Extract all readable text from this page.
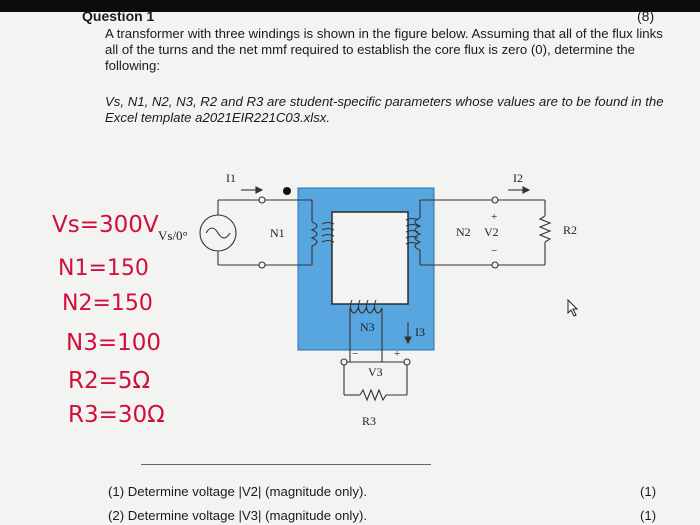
Question 1	(8)
A transformer with three windings is shown in the figure below. Assuming that all of the flux links all of the turns and the net mmf required to establish the core flux is zero (0), determine the following:
Vs, N1, N2, N3, R2 and R3 are student-specific parameters whose values are to be found in the Excel template a2021EIR221C03.xlsx.
Vs/0°
I1	I2
I3
N1	N2
N3
V2
V3
R2
R3
+
−
−	+
Vs=300V
N1=150
N2=150
N3=100
R2=5Ω
R3=30Ω
(1) Determine voltage |V2| (magnitude only).	(1)
(2) Determine voltage |V3| (magnitude only).	(1)
